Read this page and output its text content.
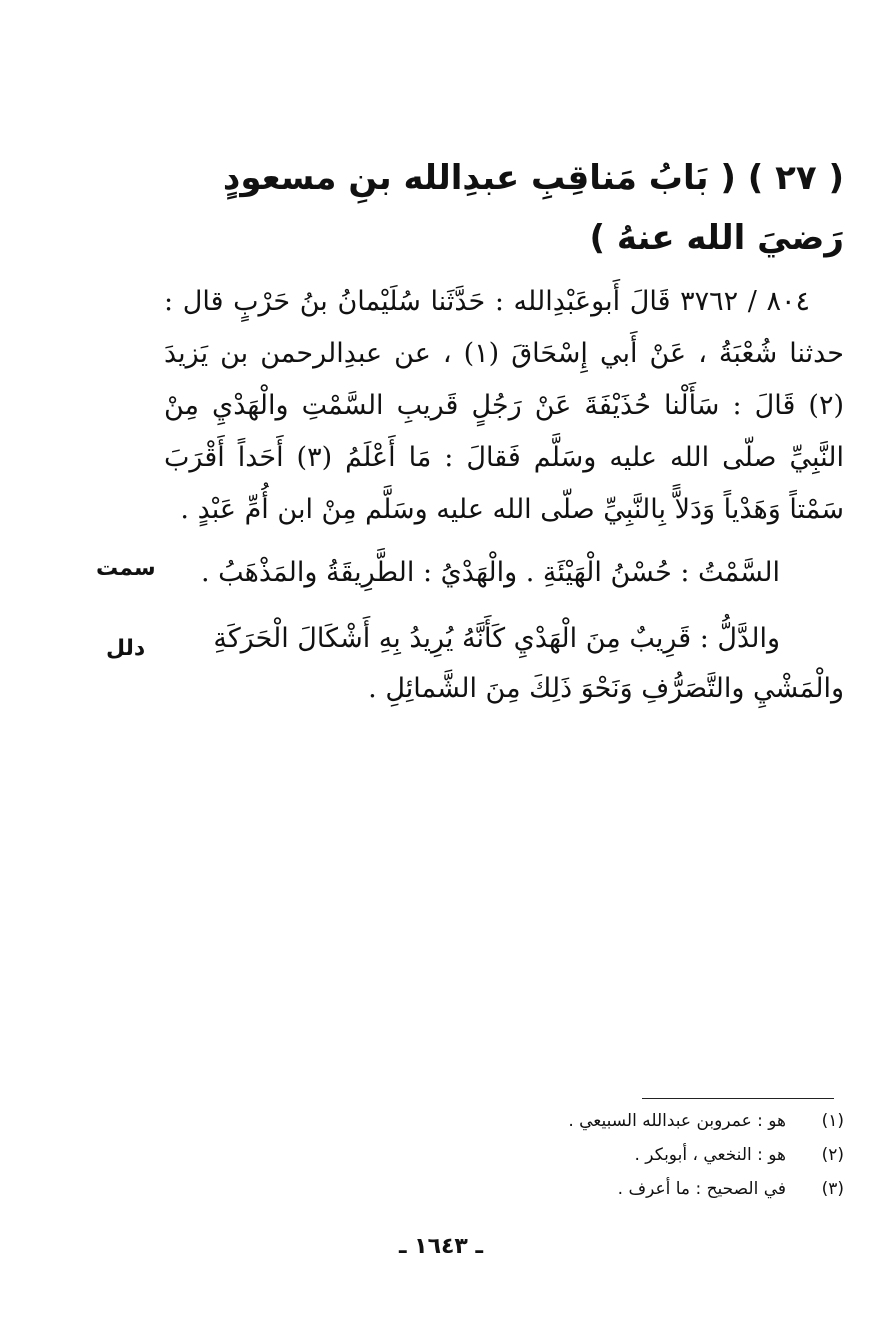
( ٢٧ ) ( بَابُ مَناقِبِ عبدِالله بنِ مسعودٍ رَضيَ الله عنهُ )

٨٠٤ / ٣٧٦٢ قَالَ أَبوعَبْدِالله : حَدَّثَنا سُلَيْمانُ بنُ حَرْبٍ قال : حدثنا شُعْبَةُ ، عَنْ أَبي إِسْحَاقَ (١) ، عن عبدِالرحمن بن يَزيدَ (٢) قَالَ : سَأَلْنا حُذَيْفَةَ عَنْ رَجُلٍ قَريبِ السَّمْتِ والْهَدْيِ مِنْ النَّبِيِّ صلّى الله عليه وسَلَّم فَقالَ : مَا أَعْلَمُ (٣) أَحَداً أَقْرَبَ سَمْتاً وَهَدْياً وَدَلاًّ بِالنَّبِيِّ صلّى الله عليه وسَلَّم مِنْ ابن أُمِّ عَبْدٍ .

السَّمْتُ : حُسْنُ الْهَيْئَةِ . والْهَدْيُ : الطَّرِيقَةُ والمَذْهَبُ .

سمت

والدَّلُّ : قَرِيبٌ مِنَ الْهَدْيِ كَأَنَّهُ يُرِيدُ بِهِ أَشْكَالَ الْحَرَكَةِ والْمَشْيِ والتَّصَرُّفِ وَنَحْوَ ذَلِكَ مِنَ الشَّمائِلِ .

دلل
(١)
هو : عمروبن عبدالله السبيعي .
(٢)
هو : النخعي ، أبوبكر .
(٣)
في الصحيح : ما أعرف .
ـ ١٦٤٣ ـ
